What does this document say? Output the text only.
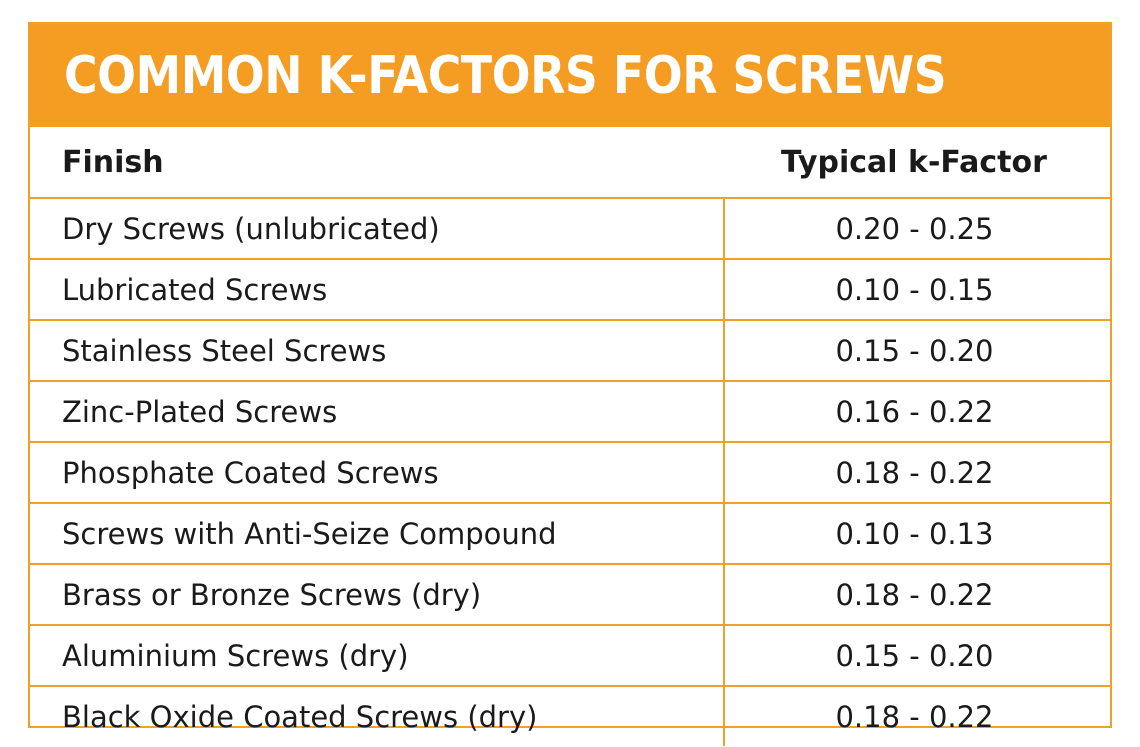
COMMON K-FACTORS FOR SCREWS
Finish	Typical k-Factor
Dry Screws (unlubricated)	0.20 - 0.25
Lubricated Screws	0.10 - 0.15
Stainless Steel Screws	0.15 - 0.20
Zinc-Plated Screws	0.16 - 0.22
Phosphate Coated Screws	0.18 - 0.22
Screws with Anti-Seize Compound	0.10 - 0.13
Brass or Bronze Screws (dry)	0.18 - 0.22
Aluminium Screws (dry)	0.15 - 0.20
Black Oxide Coated Screws (dry)	0.18 - 0.22
